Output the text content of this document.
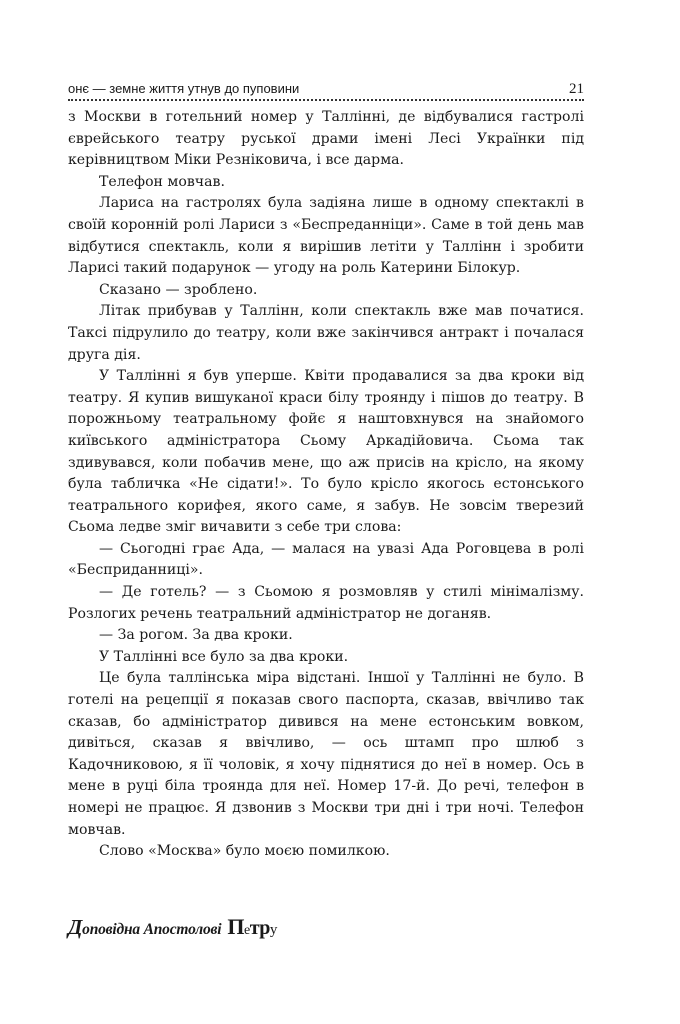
онє — земне життя утнув до пуповини	21

з Москви в готельний номер у Таллінні, де відбувалися гастролі єврейського театру руської драми імені Лесі Українки під керівництвом Міки Резніковича, і все дарма.

Телефон мовчав.

Лариса на гастролях була задіяна лише в одному спектаклі в своїй коронній ролі Лариси з «Беспреданніци». Саме в той день мав відбутися спектакль, коли я вирішив летіти у Таллінн і зробити Ларисі такий подарунок — угоду на роль Катерини Білокур.

Сказано — зроблено.

Літак прибував у Таллінн, коли спектакль вже мав початися. Таксі підрулило до театру, коли вже закінчився антракт і почалася друга дія.

У Таллінні я був уперше. Квіти продавалися за два кроки від театру. Я купив вишуканої краси білу троянду і пішов до театру. В порожньому театральному фойє я наштовхнувся на знайомого київського адміністратора Сьому Аркадійовича. Сьома так здивувався, коли побачив мене, що аж присів на крісло, на якому була табличка «Не сідати!». То було крісло якогось естонського театрального корифея, якого саме, я забув. Не зовсім тверезий Сьома ледве зміг вичавити з себе три слова:

— Сьогодні грає Ада, — малася на увазі Ада Роговцева в ролі «Бесприданниці».

— Де готель? — з Сьомою я розмовляв у стилі мінімалізму. Розлогих речень театральний адміністратор не доганяв.

— За рогом. За два кроки.

У Таллінні все було за два кроки.

Це була таллінська міра відстані. Іншої у Таллінні не було. В готелі на рецепції я показав свого паспорта, сказав, ввічливо так сказав, бо адміністратор дивився на мене естонським вовком, дивіться, сказав я ввічливо, — ось штамп про шлюб з Кадочниковою, я її чоловік, я хочу піднятися до неї в номер. Ось в мене в руці біла троянда для неї. Номер 17-й. До речі, телефон в номері не працює. Я дзвонив з Москви три дні і три ночі. Телефон мовчав.

Слово «Москва» було моєю помилкою.

Доповідна Апостолові Петру
